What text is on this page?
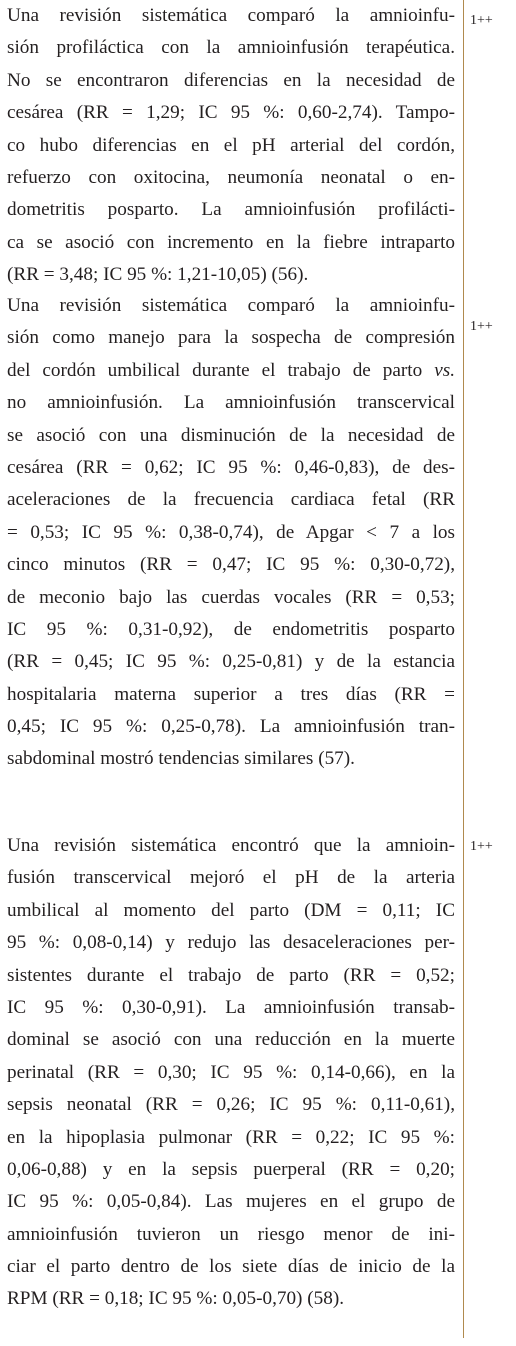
Una revisión sistemática comparó la amnioinfu-
sión profiláctica con la amnioinfusión terapéutica.
No se encontraron diferencias en la necesidad de
cesárea (RR = 1,29; IC 95 %: 0,60-2,74). Tampo-
co hubo diferencias en el pH arterial del cordón,
refuerzo con oxitocina, neumonía neonatal o en-
dometritis posparto. La amnioinfusión profilácti-
ca se asoció con incremento en la fiebre intraparto
(RR = 3,48; IC 95 %: 1,21-10,05) (56).
1++
Una revisión sistemática comparó la amnioinfu-
sión como manejo para la sospecha de compresión
del cordón umbilical durante el trabajo de parto vs.
no amnioinfusión. La amnioinfusión transcervical
se asoció con una disminución de la necesidad de
cesárea (RR = 0,62; IC 95 %: 0,46-0,83), de des-
aceleraciones de la frecuencia cardiaca fetal (RR
= 0,53; IC 95 %: 0,38-0,74), de Apgar < 7 a los
cinco minutos (RR = 0,47; IC 95 %: 0,30-0,72),
de meconio bajo las cuerdas vocales (RR = 0,53;
IC 95 %: 0,31-0,92), de endometritis posparto
(RR = 0,45; IC 95 %: 0,25-0,81) y de la estancia
hospitalaria materna superior a tres días (RR =
0,45; IC 95 %: 0,25-0,78). La amnioinfusión tran-
sabdominal mostró tendencias similares (57).
1++
Una revisión sistemática encontró que la amnioin-
fusión transcervical mejoró el pH de la arteria
umbilical al momento del parto (DM = 0,11; IC
95 %: 0,08-0,14) y redujo las desaceleraciones per-
sistentes durante el trabajo de parto (RR = 0,52;
IC 95 %: 0,30-0,91). La amnioinfusión transab-
dominal se asoció con una reducción en la muerte
perinatal (RR = 0,30; IC 95 %: 0,14-0,66), en la
sepsis neonatal (RR = 0,26; IC 95 %: 0,11-0,61),
en la hipoplasia pulmonar (RR = 0,22; IC 95 %:
0,06-0,88) y en la sepsis puerperal (RR = 0,20;
IC 95 %: 0,05-0,84). Las mujeres en el grupo de
amnioinfusión tuvieron un riesgo menor de ini-
ciar el parto dentro de los siete días de inicio de la
RPM (RR = 0,18; IC 95 %: 0,05-0,70) (58).
1++
